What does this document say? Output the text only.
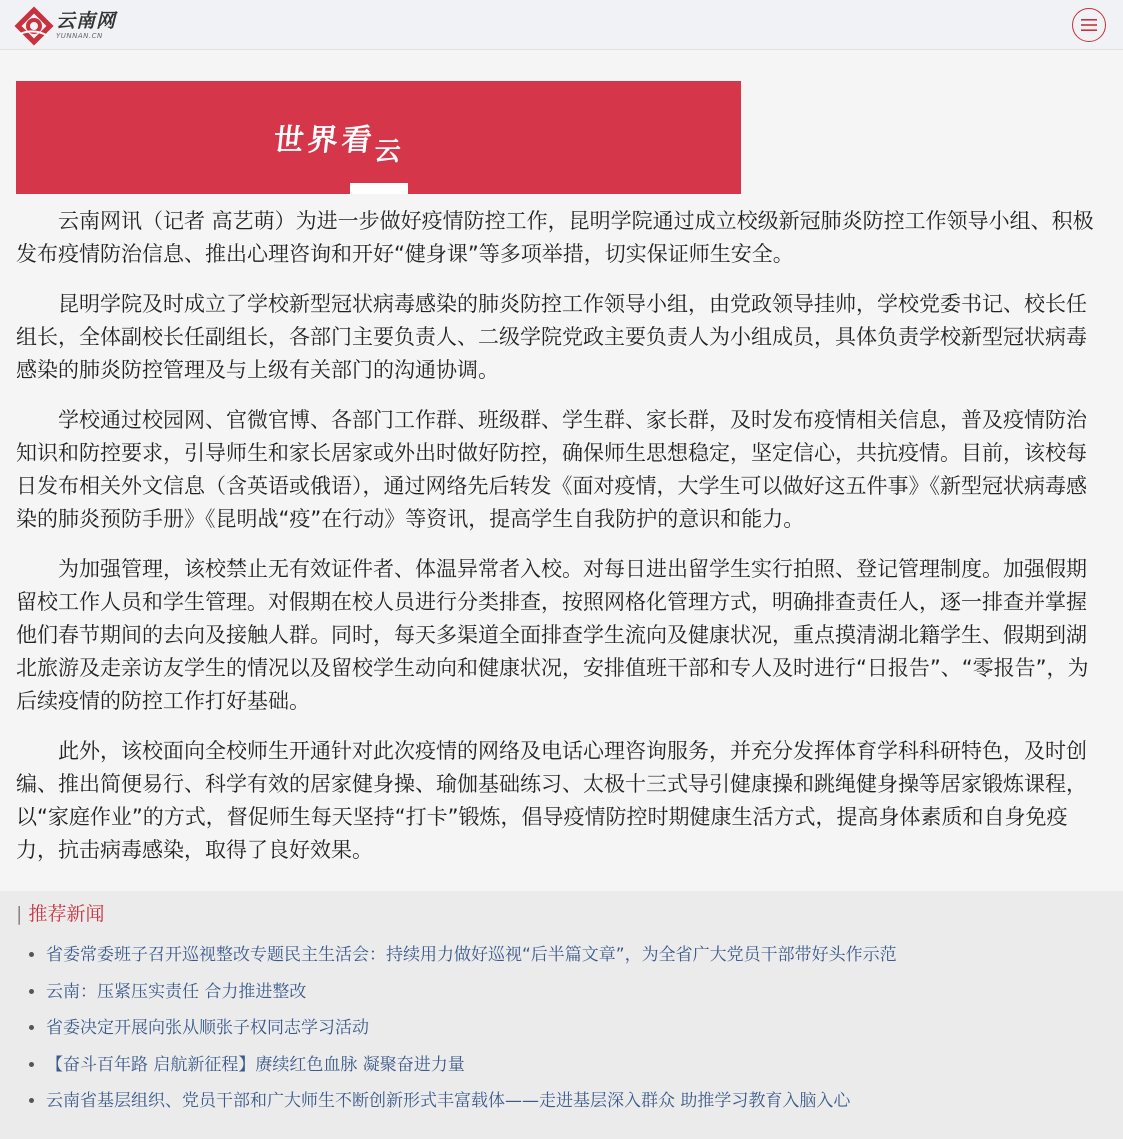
云南网
YUNNAN.CN
世界看云

云南网讯（记者 高艺萌）为进一步做好疫情防控工作，昆明学院通过成立校级新冠肺炎防控工作领导小组、积极发布疫情防治信息、推出心理咨询和开好“健身课”等多项举措，切实保证师生安全。

昆明学院及时成立了学校新型冠状病毒感染的肺炎防控工作领导小组，由党政领导挂帅，学校党委书记、校长任组长，全体副校长任副组长，各部门主要负责人、二级学院党政主要负责人为小组成员，具体负责学校新型冠状病毒感染的肺炎防控管理及与上级有关部门的沟通协调。

学校通过校园网、官微官博、各部门工作群、班级群、学生群、家长群，及时发布疫情相关信息，普及疫情防治知识和防控要求，引导师生和家长居家或外出时做好防控，确保师生思想稳定，坚定信心，共抗疫情。目前，该校每日发布相关外文信息（含英语或俄语），通过网络先后转发《面对疫情，大学生可以做好这五件事》《新型冠状病毒感染的肺炎预防手册》《昆明战“疫”在行动》等资讯，提高学生自我防护的意识和能力。

为加强管理，该校禁止无有效证件者、体温异常者入校。对每日进出留学生实行拍照、登记管理制度。加强假期留校工作人员和学生管理。对假期在校人员进行分类排查，按照网格化管理方式，明确排查责任人，逐一排查并掌握他们春节期间的去向及接触人群。同时，每天多渠道全面排查学生流向及健康状况，重点摸清湖北籍学生、假期到湖北旅游及走亲访友学生的情况以及留校学生动向和健康状况，安排值班干部和专人及时进行“日报告”、“零报告”，为后续疫情的防控工作打好基础。

此外，该校面向全校师生开通针对此次疫情的网络及电话心理咨询服务，并充分发挥体育学科科研特色，及时创编、推出简便易行、科学有效的居家健身操、瑜伽基础练习、太极十三式导引健康操和跳绳健身操等居家锻炼课程，以“家庭作业”的方式，督促师生每天坚持“打卡”锻炼，倡导疫情防控时期健康生活方式，提高身体素质和自身免疫力，抗击病毒感染，取得了良好效果。

| 推荐新闻
• 省委常委班子召开巡视整改专题民主生活会：持续用力做好巡视“后半篇文章”，为全省广大党员干部带好头作示范
• 云南：压紧压实责任 合力推进整改
• 省委决定开展向张从顺张子权同志学习活动
• 【奋斗百年路 启航新征程】赓续红色血脉 凝聚奋进力量
• 云南省基层组织、党员干部和广大师生不断创新形式丰富载体——走进基层深入群众 助推学习教育入脑入心
